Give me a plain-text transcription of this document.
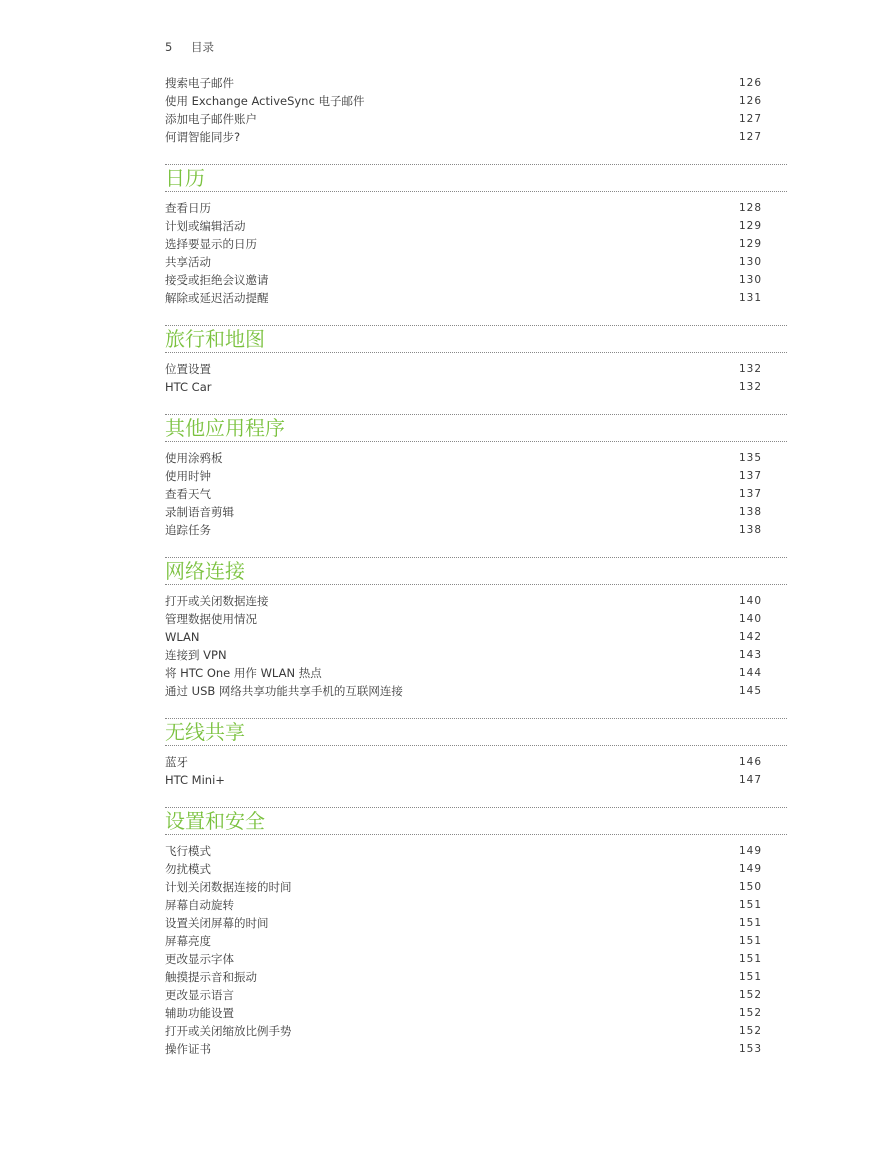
5 目录
搜索电子邮件	126
使用 Exchange ActiveSync 电子邮件	126
添加电子邮件账户	127
何谓智能同步?	127
日历
查看日历	128
计划或编辑活动	129
选择要显示的日历	129
共享活动	130
接受或拒绝会议邀请	130
解除或延迟活动提醒	131
旅行和地图
位置设置	132
HTC Car	132
其他应用程序
使用涂鸦板	135
使用时钟	137
查看天气	137
录制语音剪辑	138
追踪任务	138
网络连接
打开或关闭数据连接	140
管理数据使用情况	140
WLAN	142
连接到 VPN	143
将 HTC One 用作 WLAN 热点	144
通过 USB 网络共享功能共享手机的互联网连接	145
无线共享
蓝牙	146
HTC Mini+	147
设置和安全
飞行模式	149
勿扰模式	149
计划关闭数据连接的时间	150
屏幕自动旋转	151
设置关闭屏幕的时间	151
屏幕亮度	151
更改显示字体	151
触摸提示音和振动	151
更改显示语言	152
辅助功能设置	152
打开或关闭缩放比例手势	152
操作证书	153
